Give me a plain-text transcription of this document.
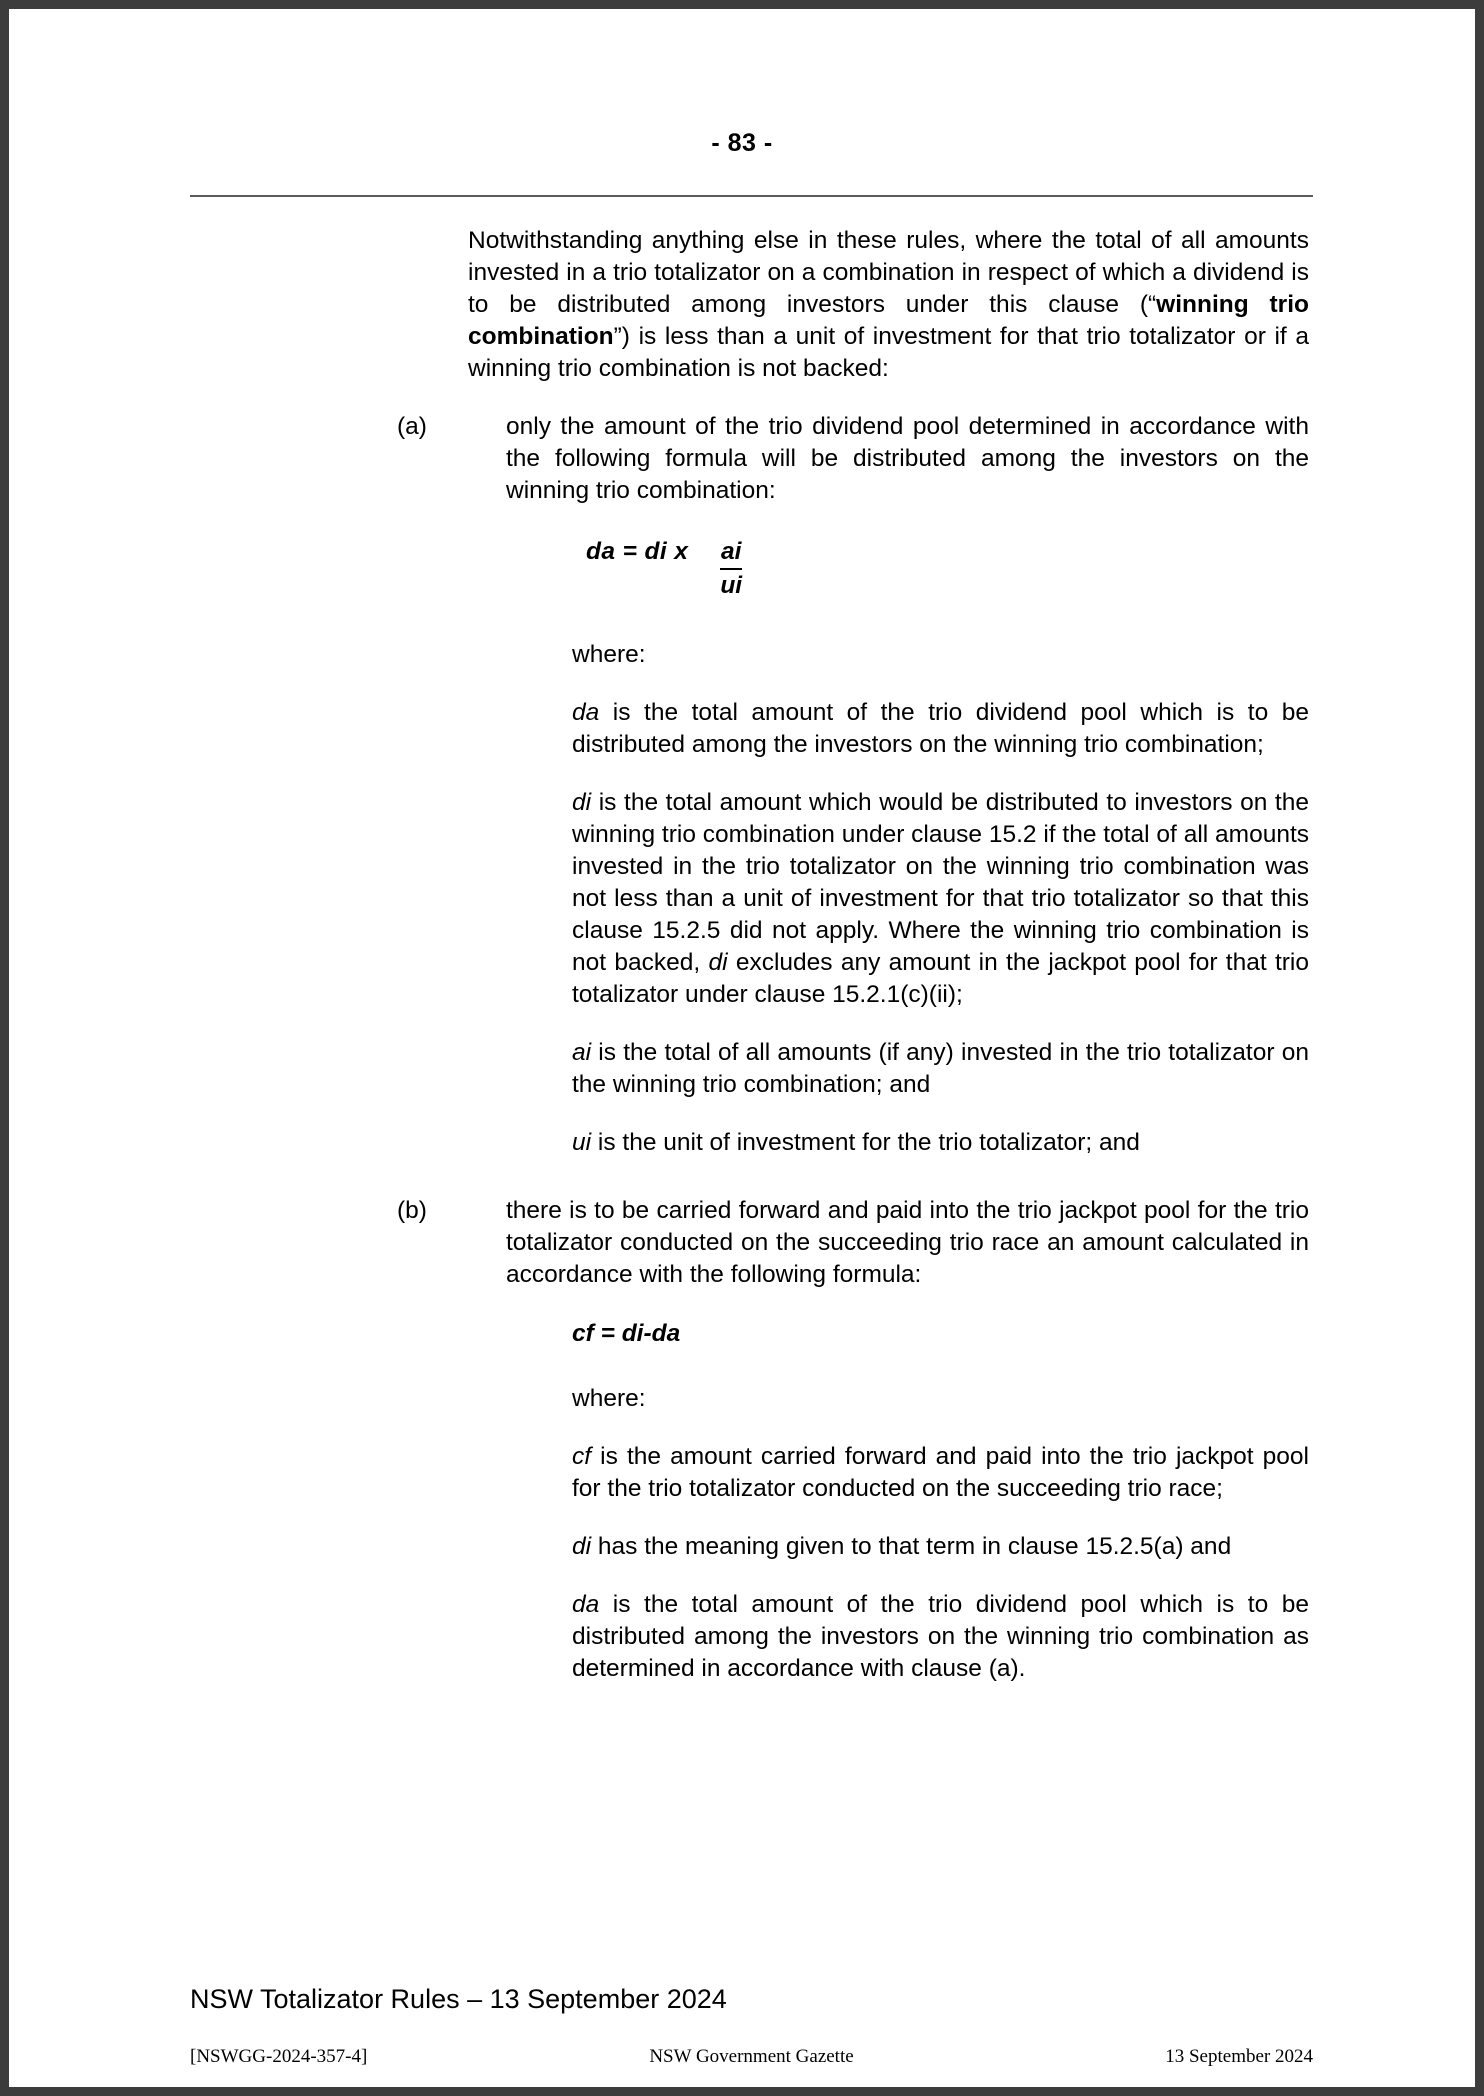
- 83 -
Notwithstanding anything else in these rules, where the total of all amounts invested in a trio totalizator on a combination in respect of which a dividend is to be distributed among investors under this clause (“winning trio combination”) is less than a unit of investment for that trio totalizator or if a winning trio combination is not backed:
(a)	only the amount of the trio dividend pool determined in accordance with the following formula will be distributed among the investors on the winning trio combination:
da = di x $\frac{ai}{ui}$
where:
da is the total amount of the trio dividend pool which is to be distributed among the investors on the winning trio combination;
di is the total amount which would be distributed to investors on the winning trio combination under clause 15.2 if the total of all amounts invested in the trio totalizator on the winning trio combination was not less than a unit of investment for that trio totalizator so that this clause 15.2.5 did not apply. Where the winning trio combination is not backed, di excludes any amount in the jackpot pool for that trio totalizator under clause 15.2.1(c)(ii);
ai is the total of all amounts (if any) invested in the trio totalizator on the winning trio combination; and
ui is the unit of investment for the trio totalizator; and
(b)	there is to be carried forward and paid into the trio jackpot pool for the trio totalizator conducted on the succeeding trio race an amount calculated in accordance with the following formula:
cf = di-da
where:
cf is the amount carried forward and paid into the trio jackpot pool for the trio totalizator conducted on the succeeding trio race;
di has the meaning given to that term in clause 15.2.5(a) and
da is the total amount of the trio dividend pool which is to be distributed among the investors on the winning trio combination as determined in accordance with clause (a).
NSW Totalizator Rules – 13 September 2024
[NSWGG-2024-357-4]	NSW Government Gazette	13 September 2024
